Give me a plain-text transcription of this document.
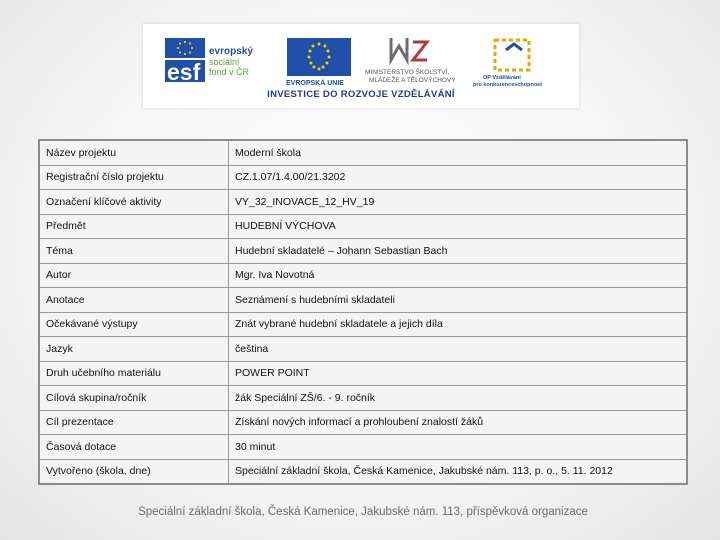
esf
evropský
sociální
fond v ČR
EVROPSKÁ UNIE
MINISTERSTVO ŠKOLSTVÍ,
MLÁDEŽE A TĚLOVÝCHOVY	OP Vzdělávání
pro konkurenceschopnost
INVESTICE DO ROZVOJE VZDĚLÁVÁNÍ
Název projektu	Moderní škola
Registrační číslo projektu	CZ.1.07/1.4.00/21.3202
Označení klíčové aktivity	VY_32_INOVACE_12_HV_19
Předmět	HUDEBNÍ VÝCHOVA
Téma	Hudební skladatelé – Johann Sebastian Bach
Autor	Mgr. Iva Novotná
Anotace	Seznámení s hudebními skladateli
Očekávané výstupy	Znát vybrané hudební skladatele a jejich díla
Jazyk	čeština
Druh učebního materiálu	POWER POINT
Cílová skupina/ročník	žák Speciální ZŠ/6. - 9. ročník
Cíl prezentace	Získání nových informací a prohloubení znalostí žáků
Časová dotace	30 minut
Vytvořeno (škola, dne)	Speciální základní škola, Česká Kamenice, Jakubské nám. 113, p. o., 5. 11. 2012
Speciální základní škola, Česká Kamenice, Jakubské nám. 113, příspěvková organizace
